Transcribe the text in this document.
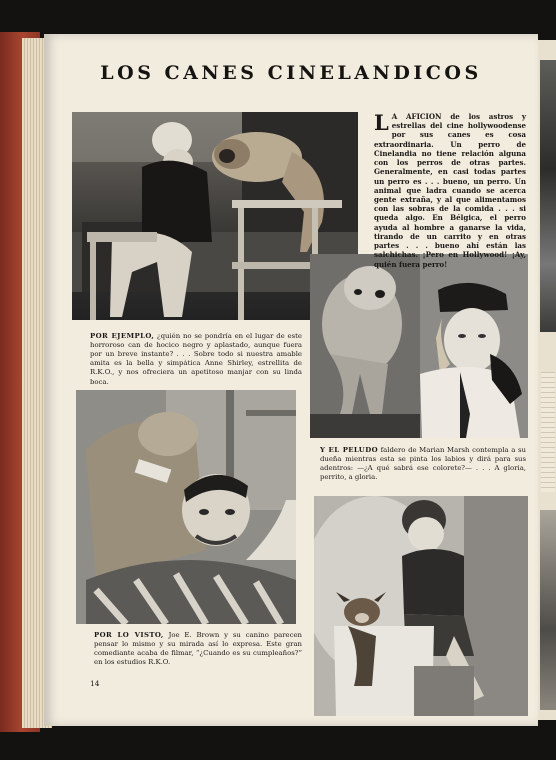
LOS CANES CINELANDICOS

L A AFICION de los astros y estrellas del cine hollywoodense por sus canes es cosa extraordinaria. Un perro de Cinelandia no tiene relación alguna con los perros de otras partes. Generalmente, en casi todas partes un perro es . . . bueno, un perro. Un animal que ladra cuando se acerca gente extraña, y al que alimentamos con las sobras de la comida . . . si queda algo. En Bélgica, el perro ayuda al hombre a ganarse la vida, tirando de un carrito y en otras partes . . . bueno ahí están las salchichas. ¡Pero en Hollywood! ¡Ay, quién fuera perro!

POR EJEMPLO, ¿quién no se pondría en el lugar de este horroroso can de hocico negro y aplastado, aunque fuera por un breve instante? . . . Sobre todo si nuestra amable amita es la bella y simpática Anne Shirley, estrellita de R.K.O., y nos ofreciera un apetitoso manjar con su linda boca.

Y EL PELUDO faldero de Marian Marsh contempla a su dueña mientras esta se pinta los labios y dirá para sus adentros: —¿A qué sabrá ese colorete?— . . . A gloria, perrito, a gloria.

POR LO VISTO, Joe E. Brown y su canino parecen pensar lo mismo y su mirada así lo expresa. Este gran comediante acaba de filmar, “¿Cuando es su cumpleaños?” en los estudios R.K.O.

14
